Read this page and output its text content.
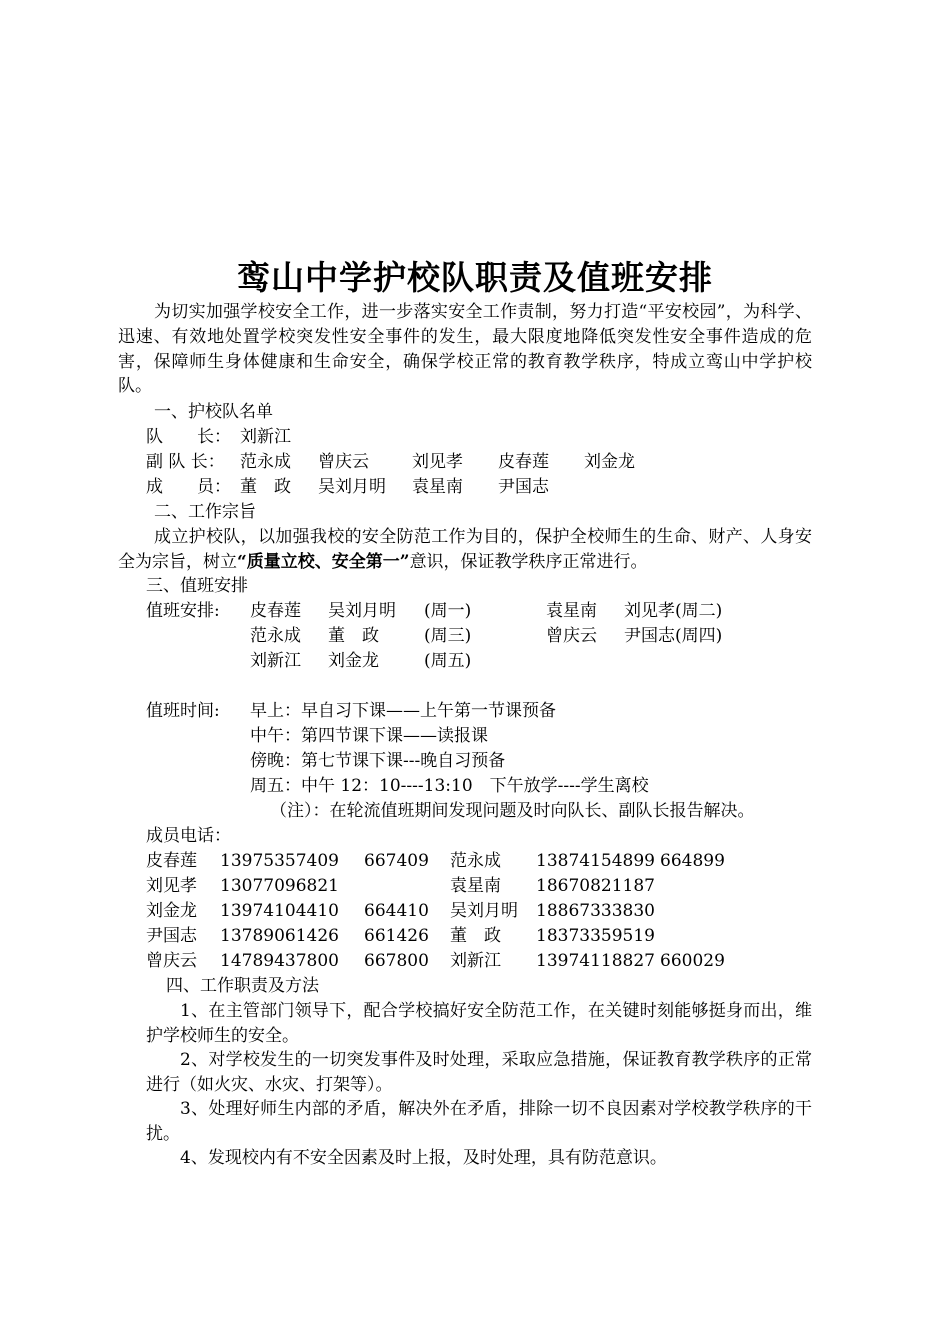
鸾山中学护校队职责及值班安排
为切实加强学校安全工作，进一步落实安全工作责制，努力打造“平安校园”，为科学、迅速、有效地处置学校突发性安全事件的发生，最大限度地降低突发性安全事件造成的危害，保障师生身体健康和生命安全，确保学校正常的教育教学秩序，特成立鸾山中学护校队。
一、护校队名单
队　　长： 刘新江
副 队 长： 范永成 曾庆云	刘见孝 皮春莲 刘金龙
成　　员： 董　政 吴刘月明 袁星南 尹国志
二、工作宗旨
成立护校队，以加强我校的安全防范工作为目的，保护全校师生的生命、财产、人身安全为宗旨，树立“质量立校、安全第一”意识，保证教学秩序正常进行。
三、值班安排
值班安排: 皮春莲 吴刘月明 (周一)	袁星南 刘见孝(周二)
范永成 董　政	(周三)	曾庆云 尹国志(周四)
刘新江 刘金龙	(周五)
值班时间: 早上：早自习下课——上午第一节课预备
中午：第四节课下课——读报课
傍晚：第七节课下课---晚自习预备
周五：中午 12：10----13:10　下午放学----学生离校
（注）：在轮流值班期间发现问题及时向队长、副队长报告解决。
成员电话：
皮春莲 13975357409 667409 范永成 13874154899 664899
刘见孝 13077096821	袁星南 18670821187
刘金龙 13974104410 664410 吴刘月明 18867333830
尹国志 13789061426 661426 董　政 18373359519
曾庆云 14789437800 667800 刘新江 13974118827 660029
四、工作职责及方法
1、在主管部门领导下，配合学校搞好安全防范工作，在关键时刻能够挺身而出，维护学校师生的安全。
2、对学校发生的一切突发事件及时处理，采取应急措施，保证教育教学秩序的正常进行（如火灾、水灾、打架等）。
3、处理好师生内部的矛盾，解决外在矛盾，排除一切不良因素对学校教学秩序的干扰。
4、发现校内有不安全因素及时上报，及时处理，具有防范意识。
